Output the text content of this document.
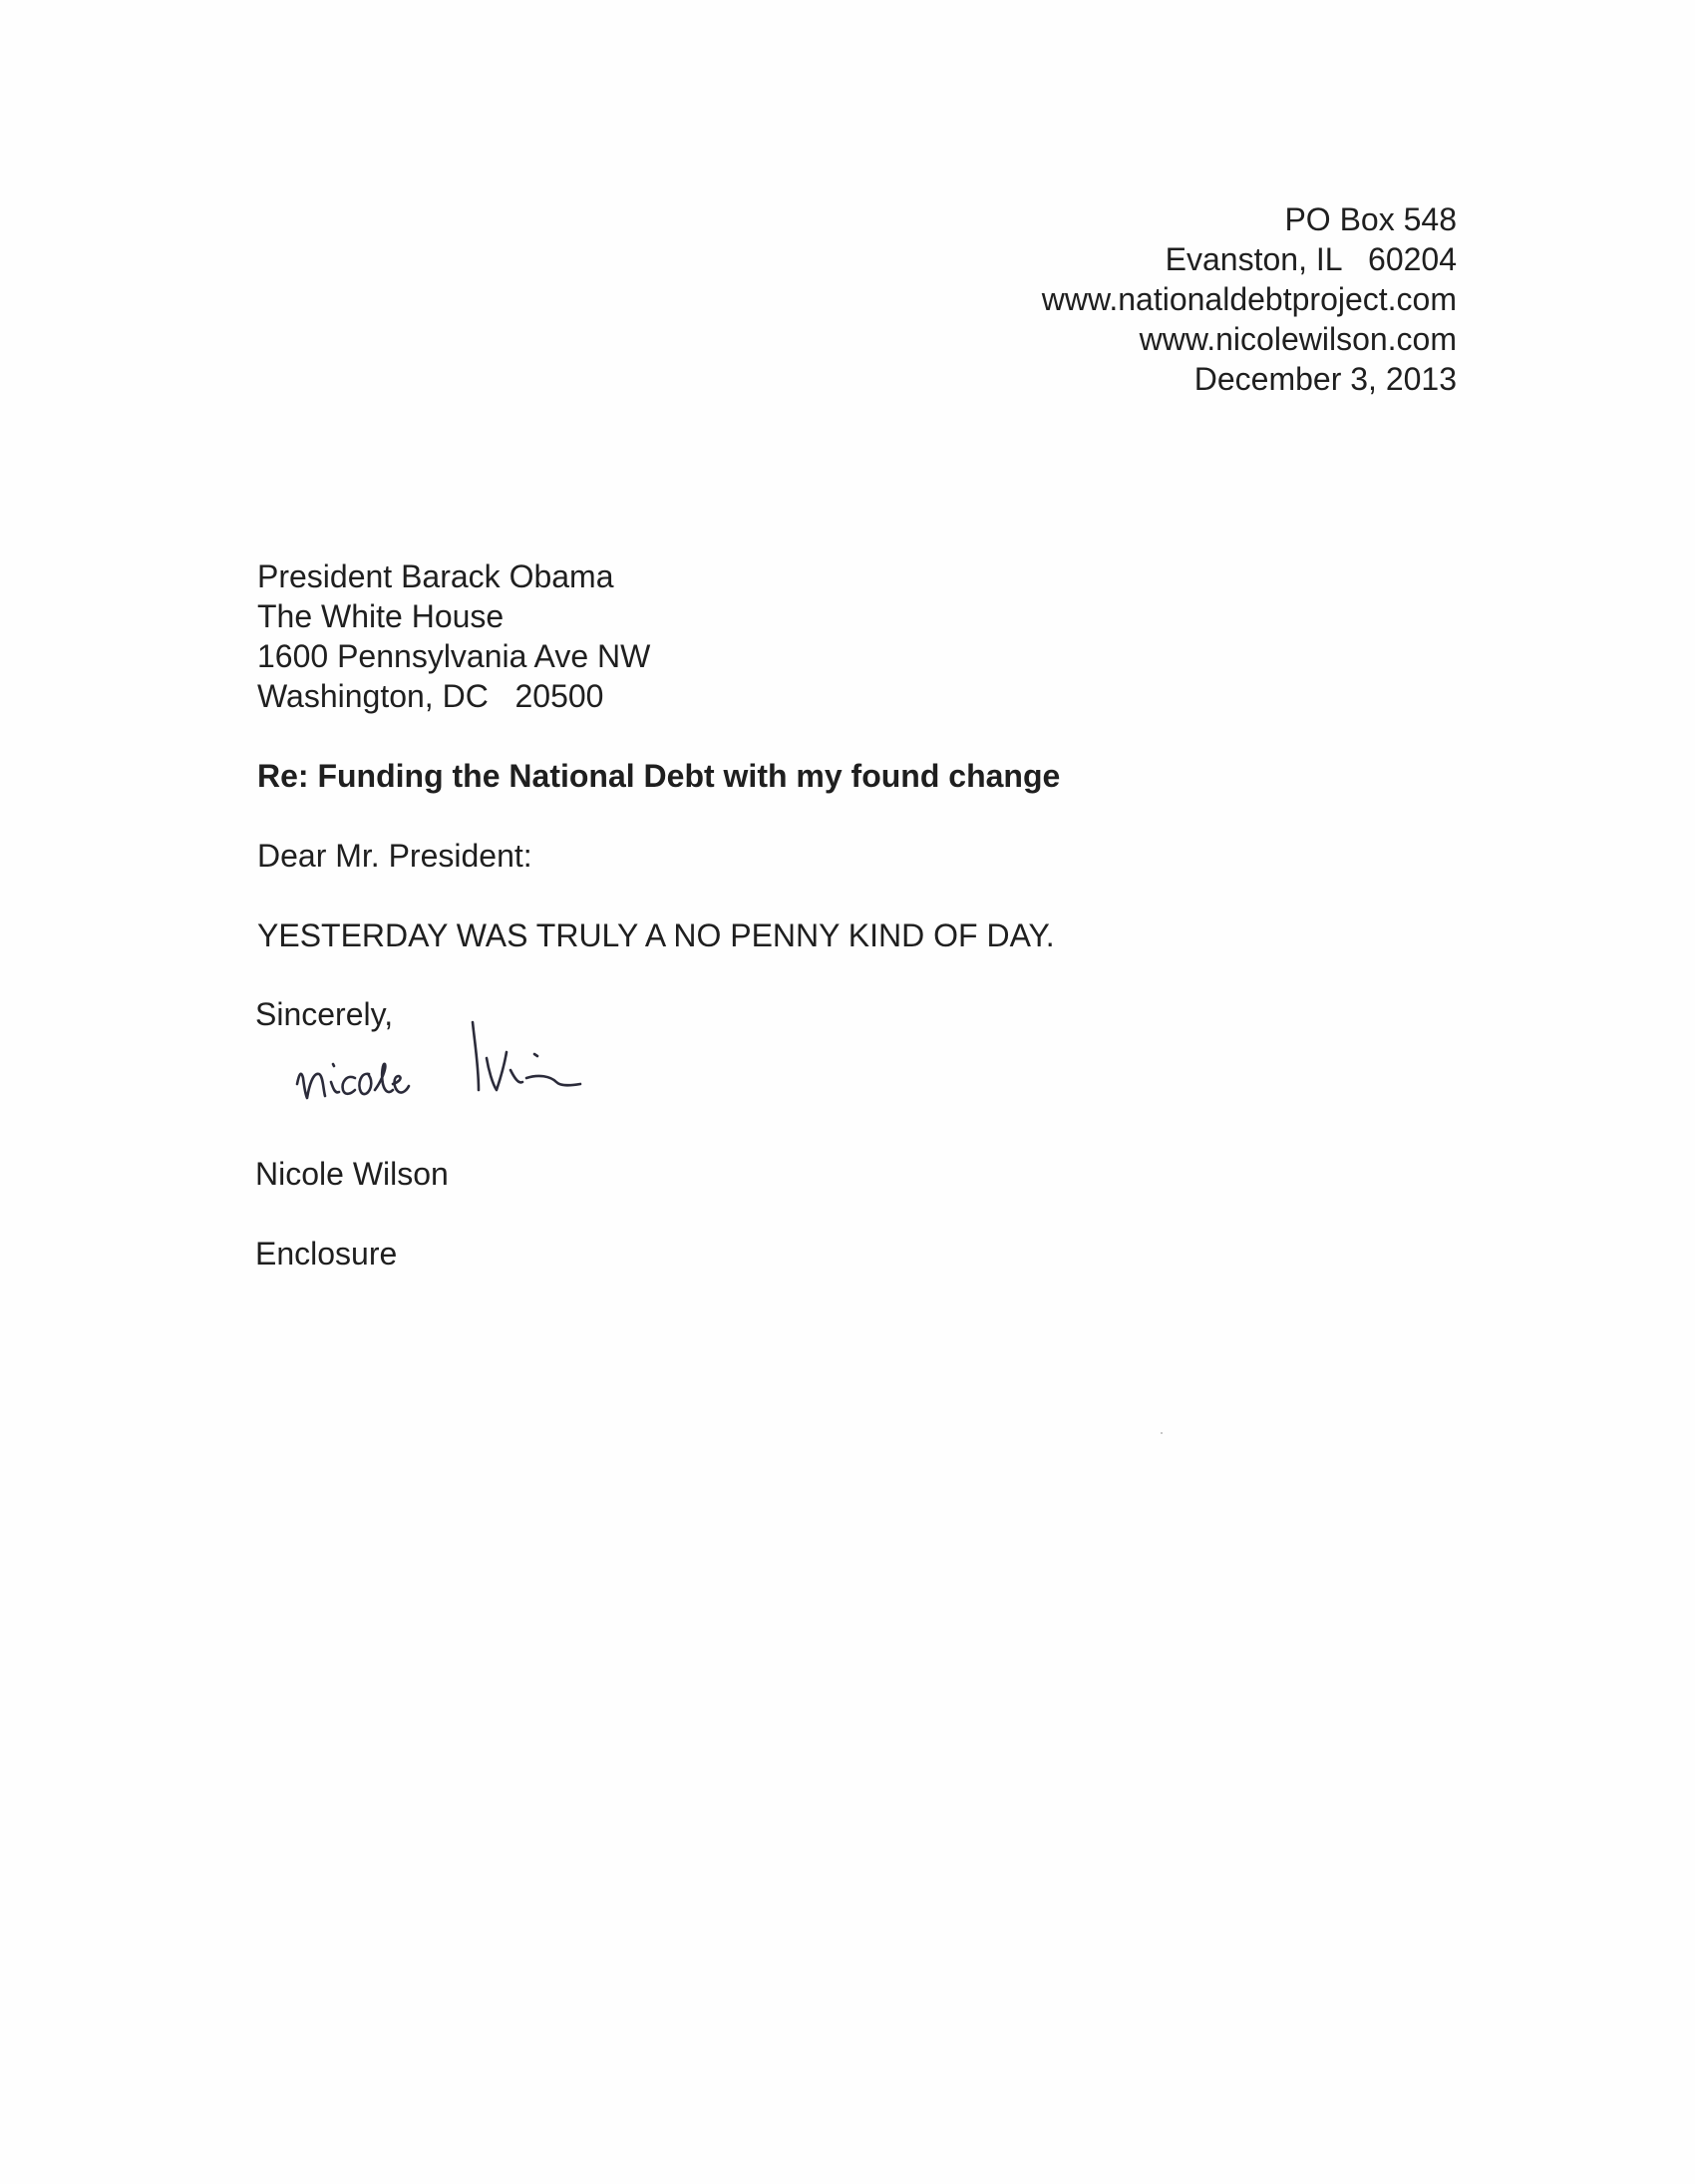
PO Box 548
Evanston, IL   60204
www.nationaldebtproject.com
www.nicolewilson.com
December 3, 2013
President Barack Obama
The White House
1600 Pennsylvania Ave NW
Washington, DC   20500
Re: Funding the National Debt with my found change
Dear Mr. President:
YESTERDAY WAS TRULY A NO PENNY KIND OF DAY.
Sincerely,
Nicole Wilson
Enclosure
